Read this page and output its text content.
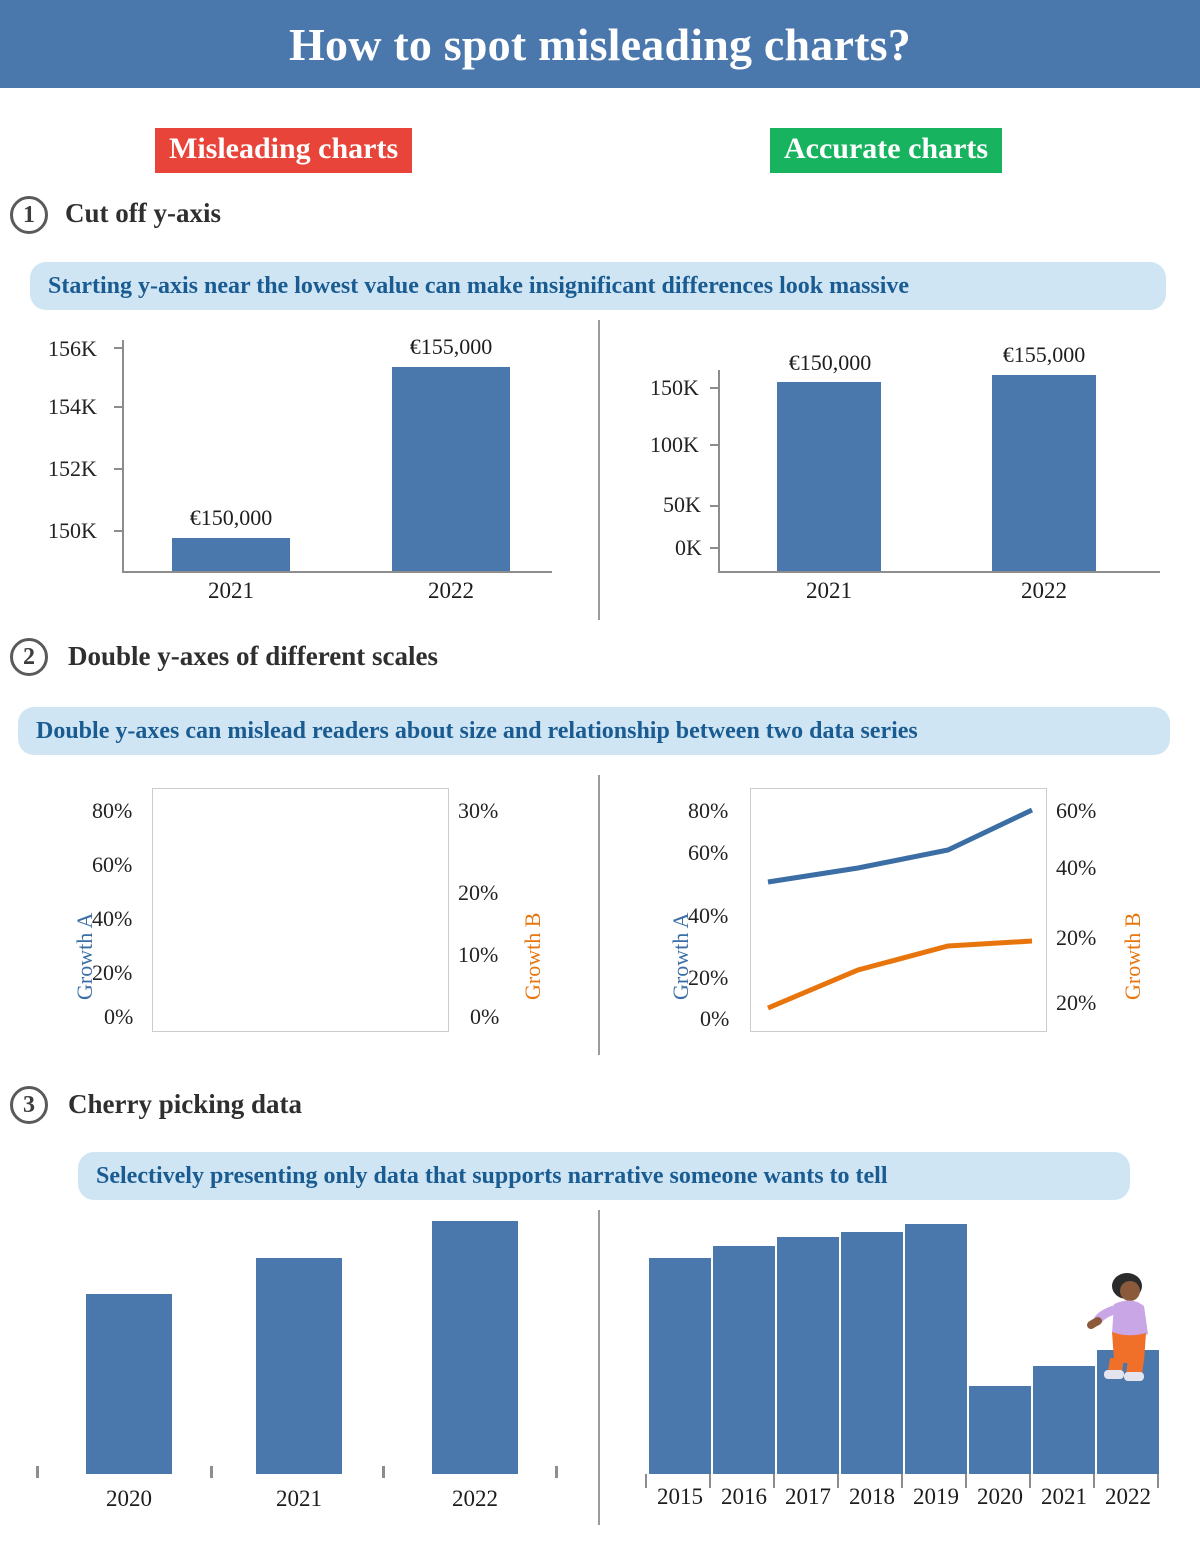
How to spot misleading charts?
Misleading charts	Accurate charts
1	Cut off y-axis
Starting y-axis near the lowest value can make insignificant differences look massive
156K
154K
152K
150K
€150,000
€155,000
2021	2022
150K
100K
50K
0K
€150,000	€155,000
2021	2022
2	Double y-axes of different scales
Double y-axes can mislead readers about size and relationship between two data series
Growth A	Growth B
80%
60%
40%
20%
0%
30%
20%
10%
0%
Growth A	Growth B
80%
60%
40%
20%
0%
60%
40%
20%
20%
3	Cherry picking data
Selectively presenting only data that supports narrative someone wants to tell
2020	2021	2022	2015 2016 2017 2018 2019 2020 2021 2022
